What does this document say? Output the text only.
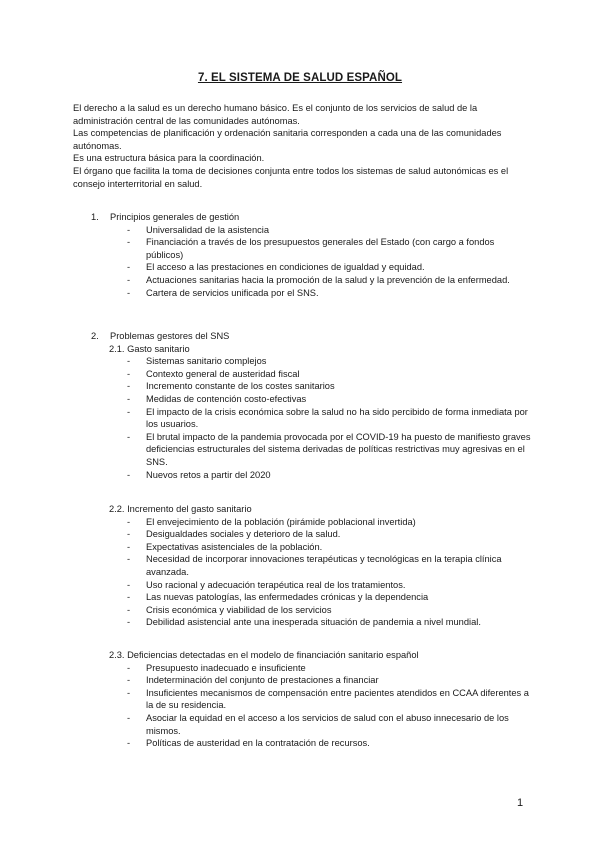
7. EL SISTEMA DE SALUD ESPAÑOL

El derecho a la salud es un derecho humano básico. Es el conjunto de los servicios de salud de la administración central de las comunidades autónomas.

Las competencias de planificación y ordenación sanitaria corresponden a cada una de las comunidades autónomas.

Es una estructura básica para la coordinación.

El órgano que facilita la toma de decisiones conjunta entre todos los sistemas de salud autonómicas es el consejo interterritorial en salud.

1.	Principios generales de gestión
- Universalidad de la asistencia
- Financiación a través de los presupuestos generales del Estado (con cargo a fondos públicos)
- El acceso a las prestaciones en condiciones de igualdad y equidad.
- Actuaciones sanitarias hacia la promoción de la salud y la prevención de la enfermedad.
- Cartera de servicios unificada por el SNS.
2.	Problemas gestores del SNS
2.1. Gasto sanitario
- Sistemas sanitario complejos
- Contexto general de austeridad fiscal
- Incremento constante de los costes sanitarios
- Medidas de contención costo-efectivas
- El impacto de la crisis económica sobre la salud no ha sido percibido de forma inmediata por los usuarios.
- El brutal impacto de la pandemia provocada por el COVID-19 ha puesto de manifiesto graves deficiencias estructurales del sistema derivadas de políticas restrictivas muy agresivas en el SNS.
- Nuevos retos a partir del 2020
2.2. Incremento del gasto sanitario
- El envejecimiento de la población (pirámide poblacional invertida)
- Desigualdades sociales y deterioro de la salud.
- Expectativas asistenciales de la población.
- Necesidad de incorporar innovaciones terapéuticas y tecnológicas en la terapia clínica avanzada.
- Uso racional y adecuación terapéutica real de los tratamientos.
- Las nuevas patologías, las enfermedades crónicas y la dependencia
- Crisis económica y viabilidad de los servicios
- Debilidad asistencial ante una inesperada situación de pandemia a nivel mundial.
2.3. Deficiencias detectadas en el modelo de financiación sanitario español
- Presupuesto inadecuado e insuficiente
- Indeterminación del conjunto de prestaciones a financiar
- Insuficientes mecanismos de compensación entre pacientes atendidos en CCAA diferentes a la de su residencia.
- Asociar la equidad en el acceso a los servicios de salud con el abuso innecesario de los mismos.
- Políticas de austeridad en la contratación de recursos.
1
